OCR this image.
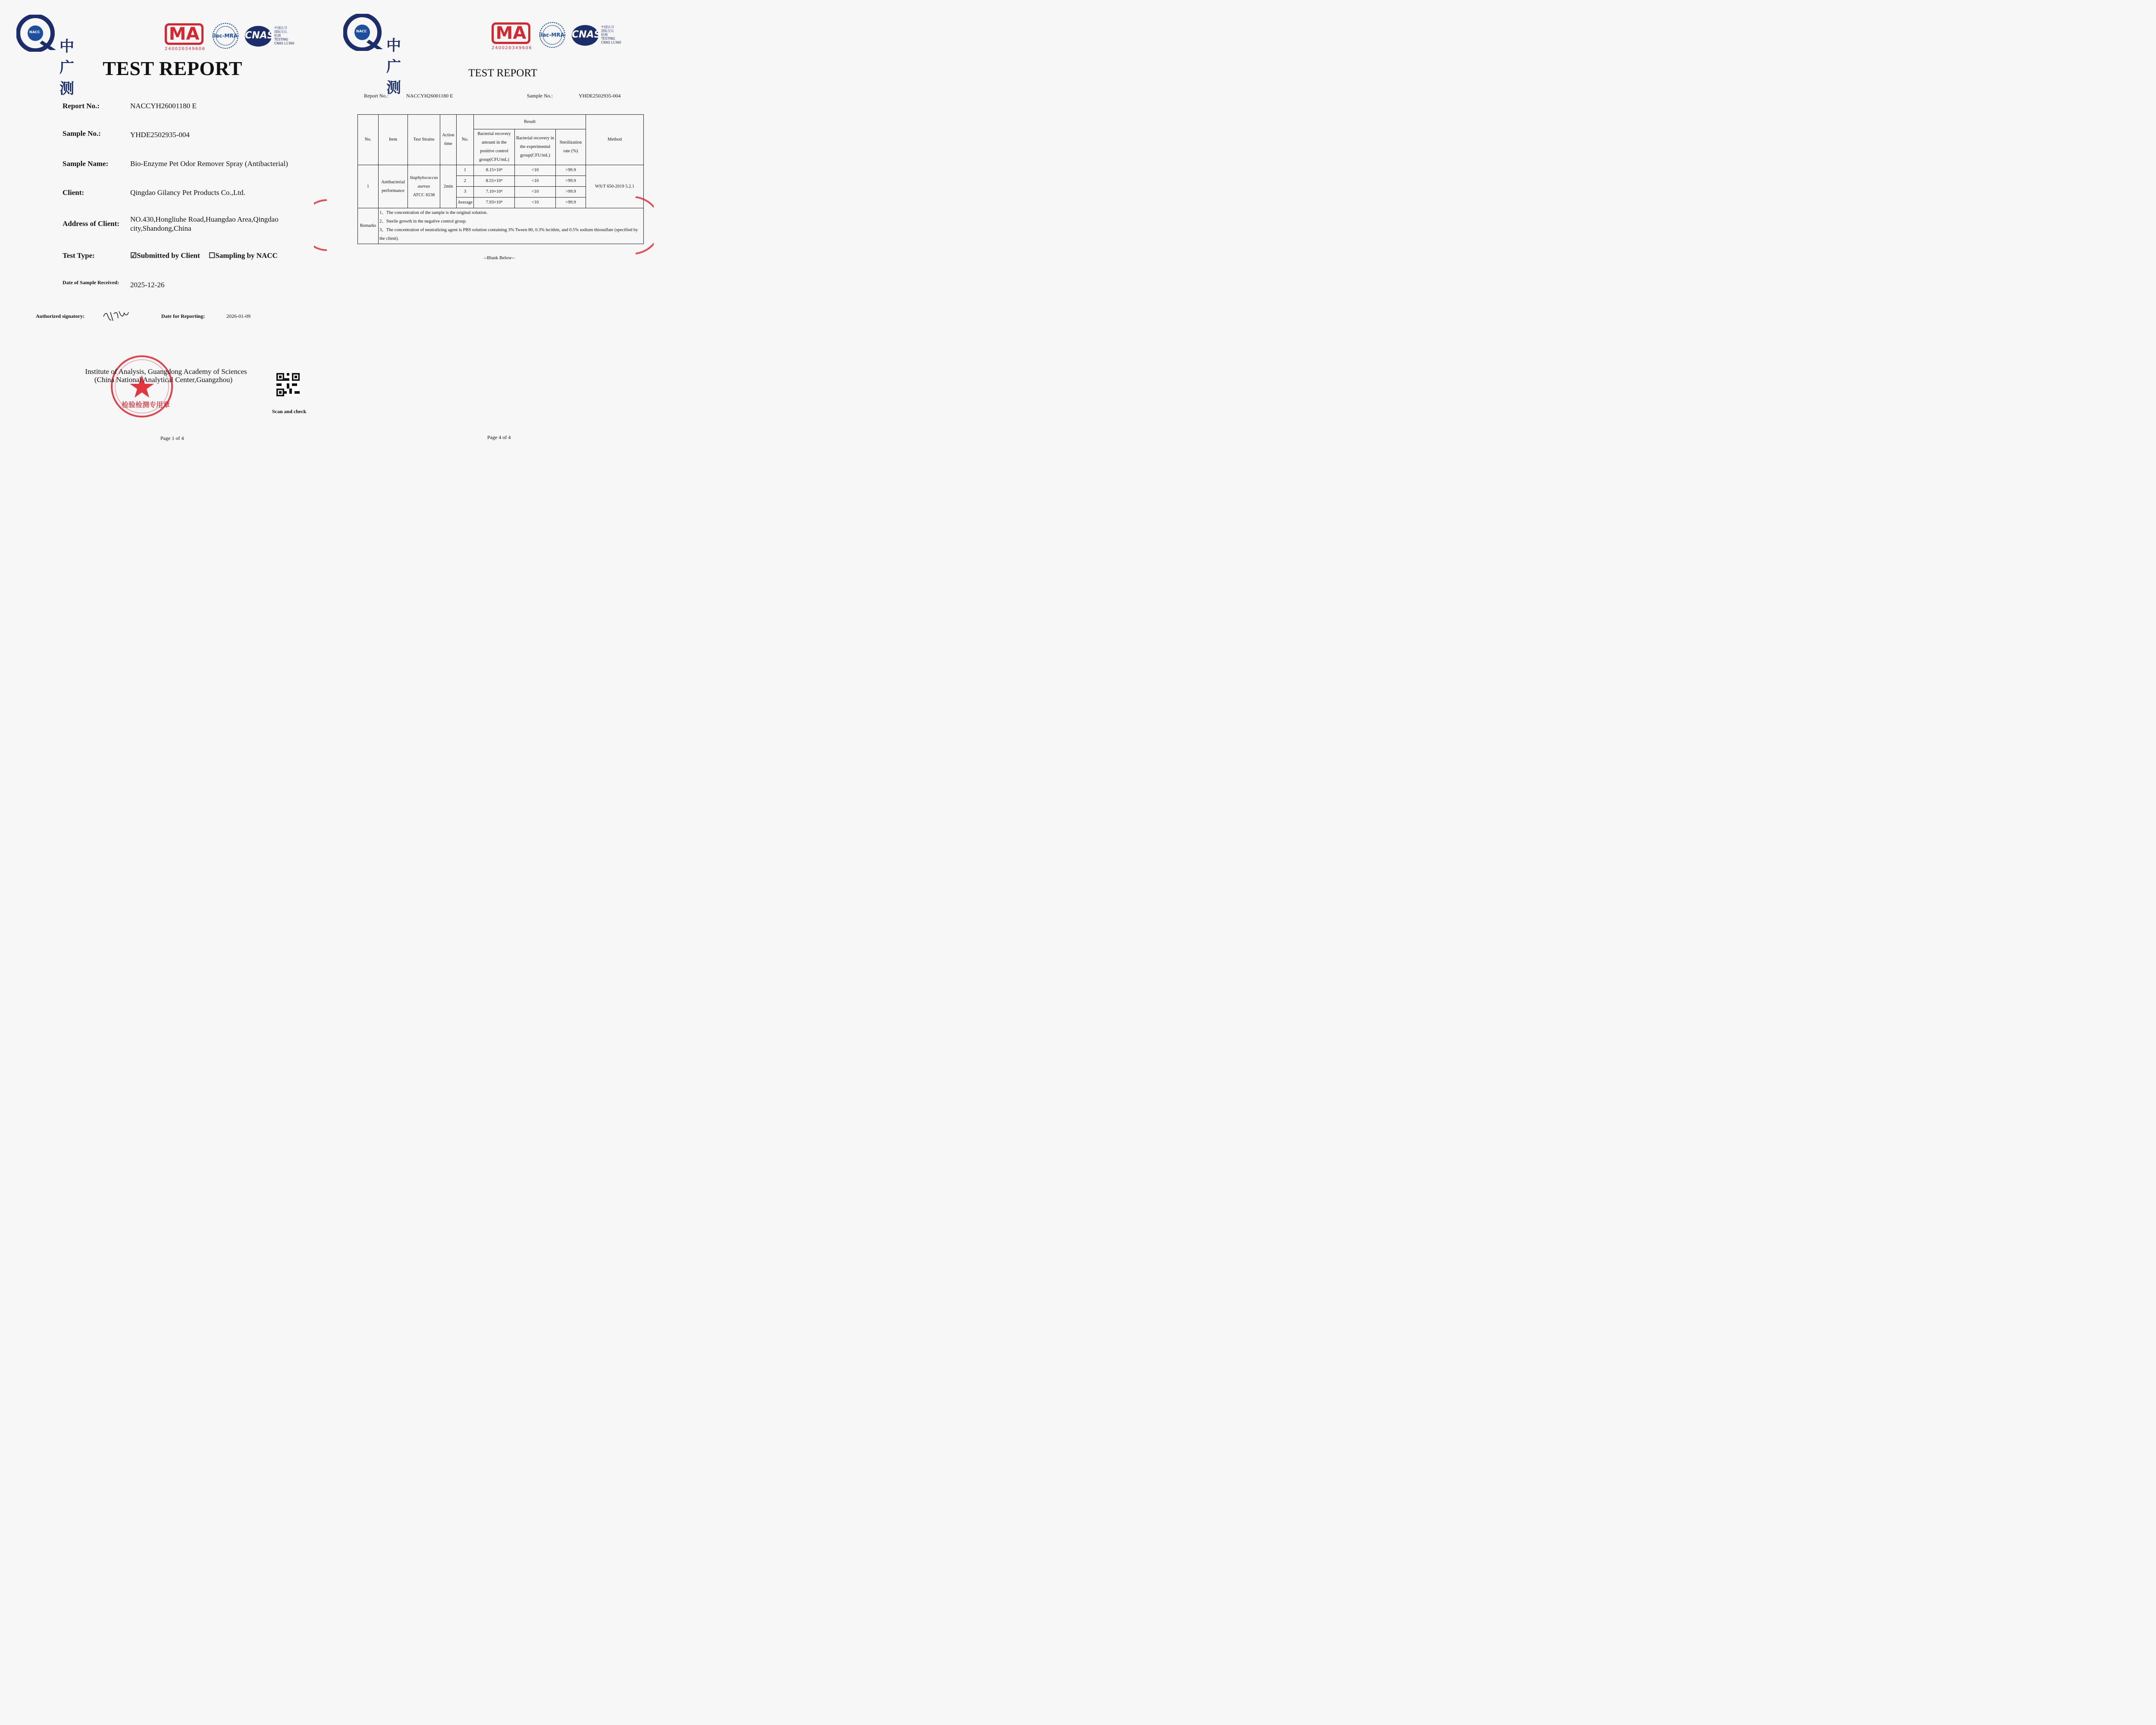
NACC
中广测
MA
240020349606
ilac-MRA CNAS
中国认可
国际互认
检测
TESTING
CNAS L1360
TEST REPORT
Report No.:	NACCYH26001180 E
Sample No.:	YHDE2502935-004
Sample Name:	Bio-Enzyme Pet Odor Remover Spray (Antibacterial)
Client:	Qingdao Gilancy Pet Products Co.,Ltd.
Address of Client:
NO.430,Hongliuhe Road,Huangdao Area,Qingdao
city,Shandong,China
Test Type:	☑Submitted by Client ☐Sampling by NACC
Date of Sample Received: 2025-12-26
Authorized signatory:	Date for Reporting:	2026-01-09
检验检测专用章
Institute of Analysis, Guangdong Academy of Sciences
(China National Analytical Center,Guangzhou)
Scan and check
Page 1 of 4
NACC
中广测
MA
240020349606
ilac-MRA CNAS
中国认可
国际互认
检测
TESTING
CNAS L1360
TEST REPORT
Report No.:	NACCYH26001180 E	Sample No.:	YHDE2502935-004
No.	Item	Test Strains	Action time	No.	Result			Method
					Bacterial recovery amount in the positive control group(CFU/mL)	Bacterial recovery in the experimental group(CFU/mL)	Sterilization rate (%)	
1	Antibacterial performance	Staphylococcus
aureus
ATCC 6538	2min	1	8.15×10⁴	<10	>99.9	WS/T 650-2019 5.2.1
				2	8.55×10⁴	<10	>99.9	
				3	7.10×10⁴	<10	>99.9	
				Average	7.93×10⁴	<10	>99.9	
Remarks	1、The concentration of the sample is the original solution.
2、Sterile growth in the negative control group.
3、The concentration of neutralizing agent is PBS solution containing 3% Tween 80, 0.3% lecithin, and 0.5% sodium thiosulfate (specified by the client).							
--Blank Below--
Page 4 of 4
